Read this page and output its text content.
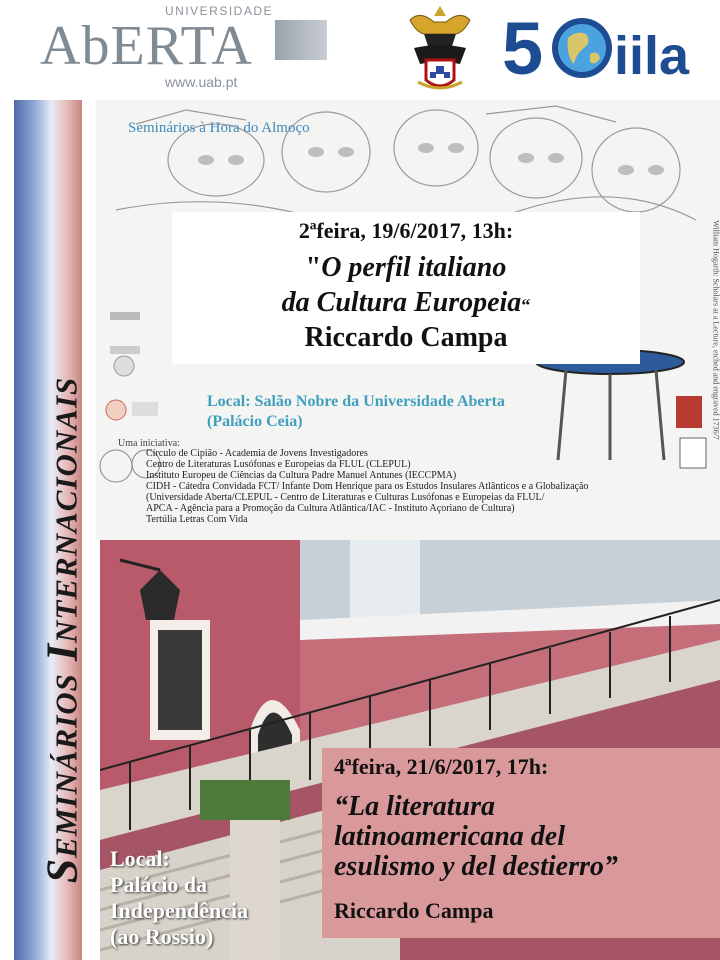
UNIVERSIDADE
AbERTA
www.uab.pt	5 iila
Seminários Internacionais
Seminários à Hora do Almoço
William Hogarth: Scholars at a Lecture, etched and engraved 1736/7
2ªfeira, 19/6/2017, 13h:
"O perfil italiano
da Cultura Europeia“
Riccardo Campa
Local: Salão Nobre da Universidade Aberta
(Palácio Ceia)
Uma iniciativa:
Círculo de Cipião - Academia de Jovens Investigadores
Centro de Literaturas Lusófonas e Europeias da FLUL (CLEPUL)
Instituto Europeu de Ciências da Cultura Padre Manuel Antunes (IECCPMA)
CIDH - Cátedra Convidada FCT/ Infante Dom Henrique para os Estudos Insulares Atlânticos e a Globalização
(Universidade Aberta/CLEPUL - Centro de Literaturas e Culturas Lusófonas e Europeias da FLUL/
APCA - Agência para a Promoção da Cultura Atlântica/IAC - Instituto Açoriano de Cultura)
Tertúlia Letras Com Vida
4ªfeira, 21/6/2017, 17h:
“La literatura
latinoamericana del
esulismo y del destierro”
Riccardo Campa
Local:
Palácio da
Independência
(ao Rossio)
